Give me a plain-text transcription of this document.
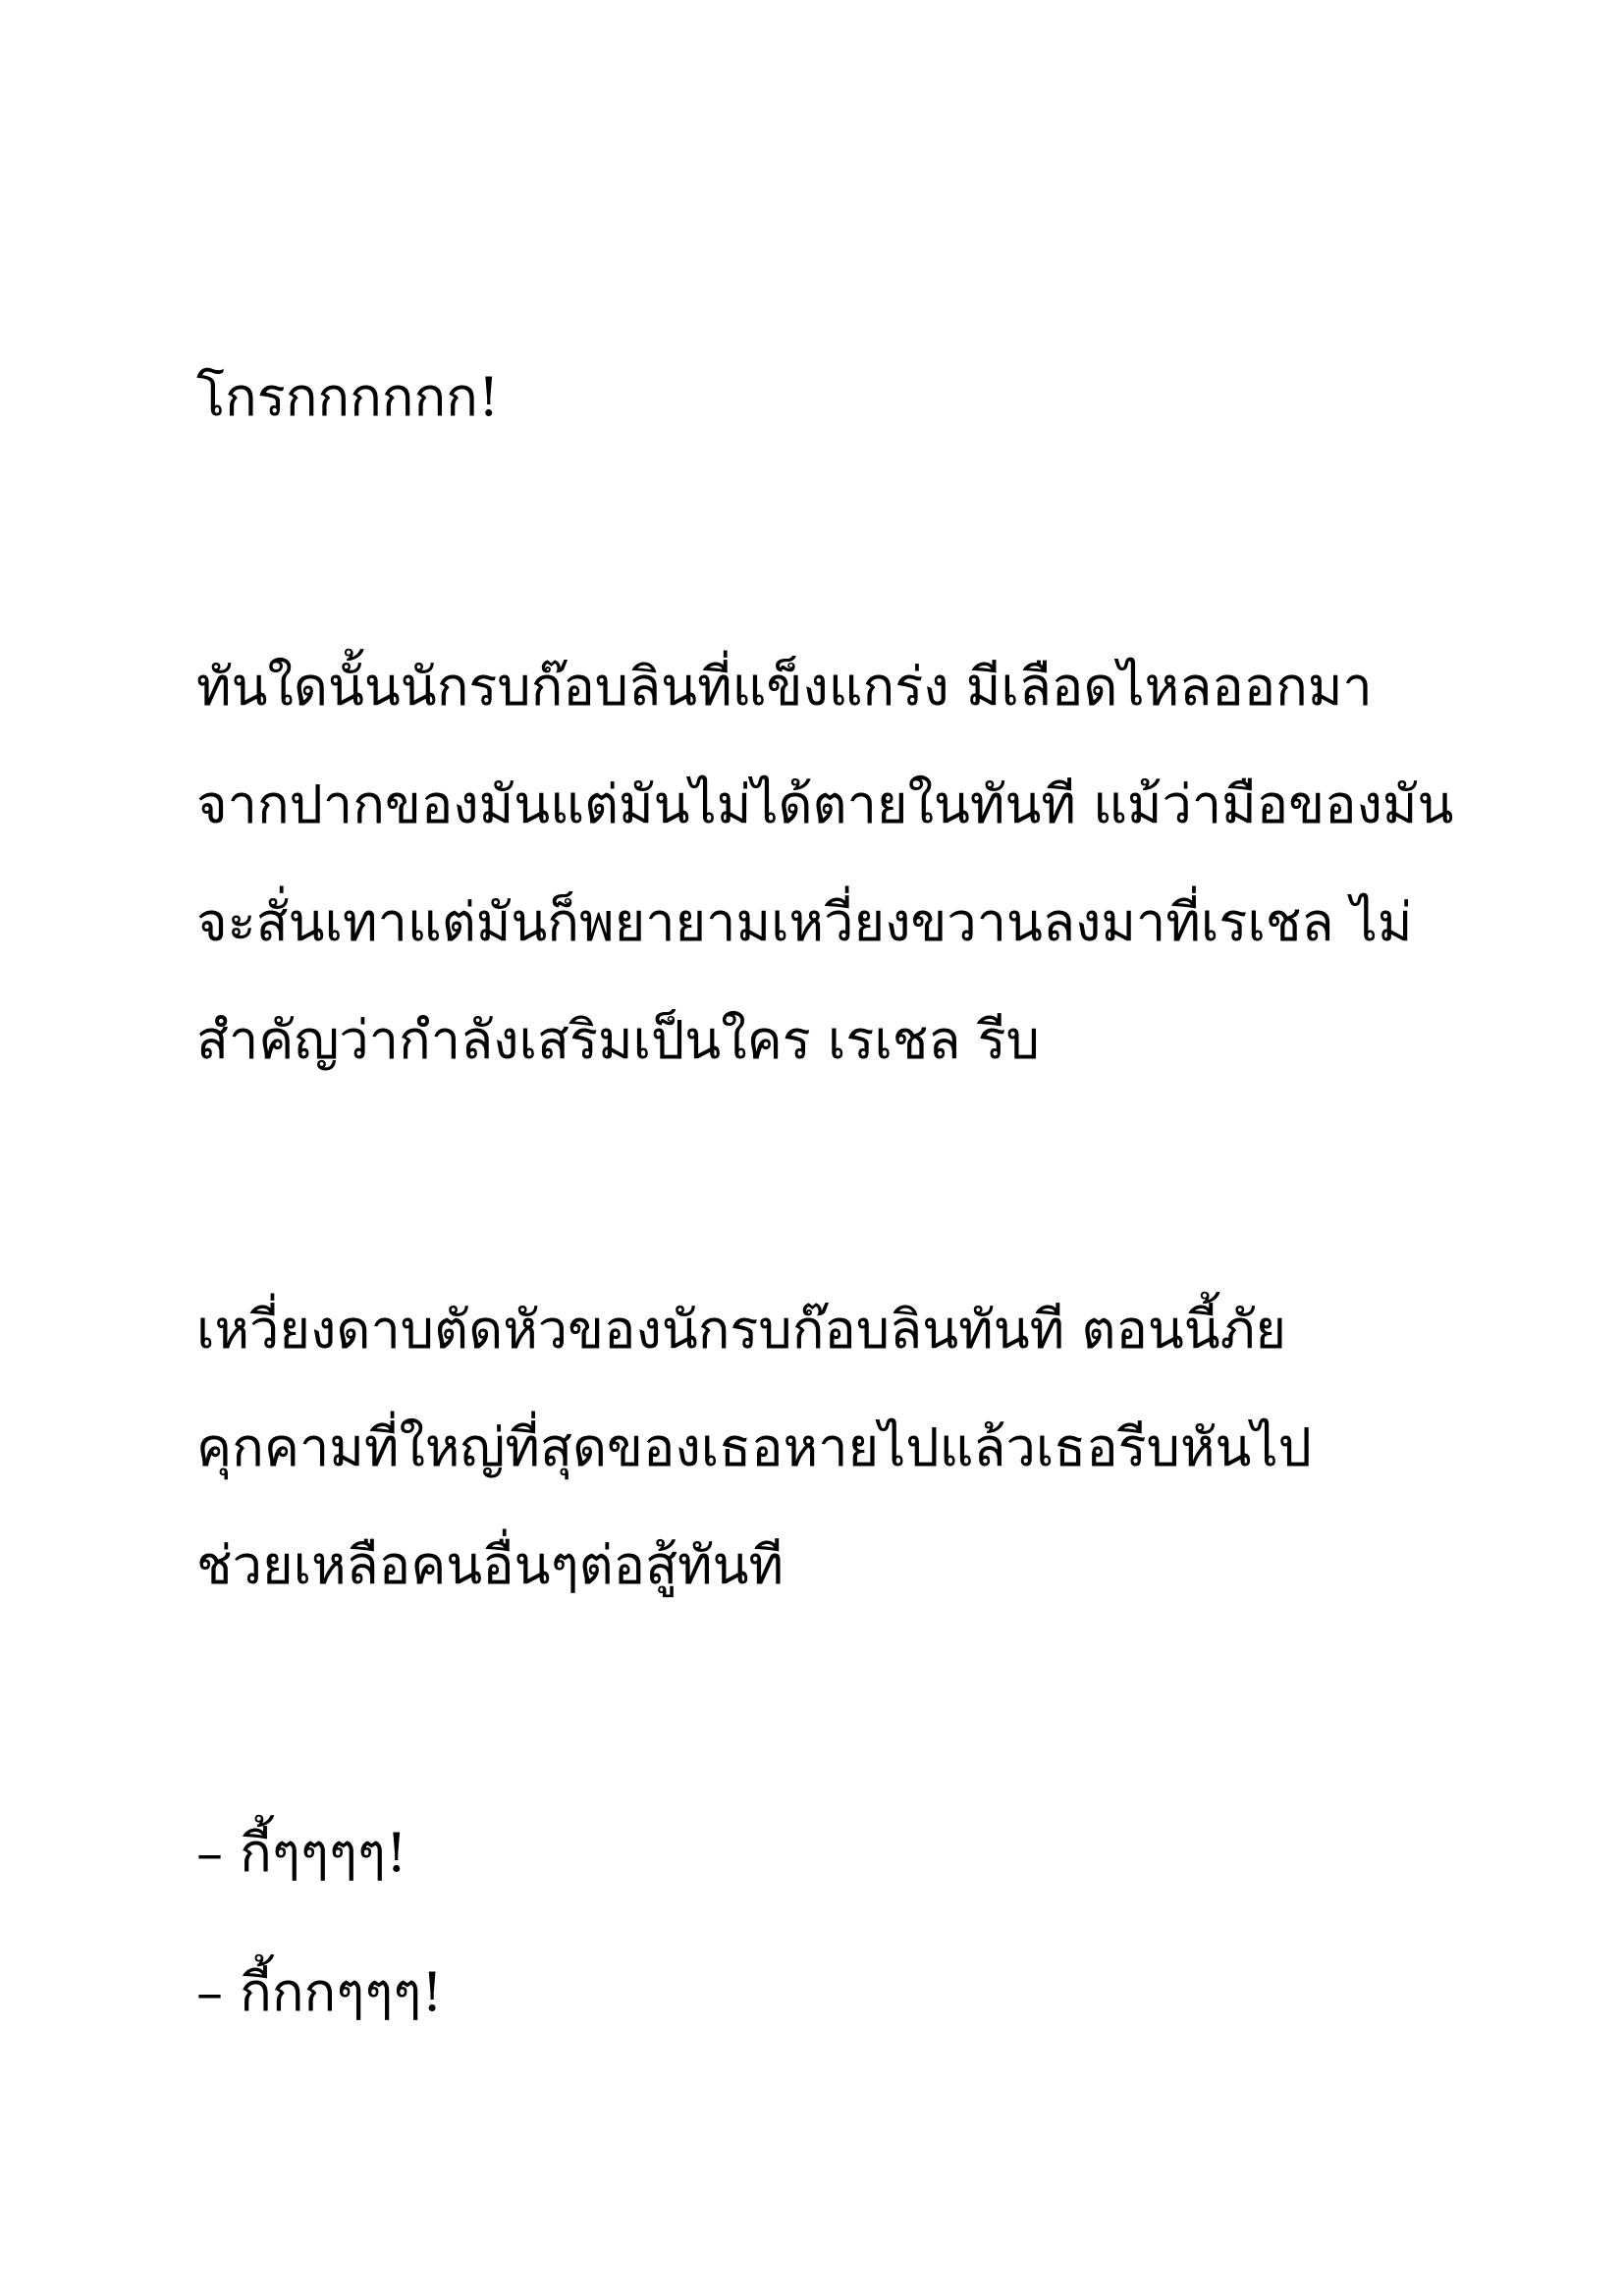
โกรกกกกกก!
ทันใดนั้นนักรบก๊อบลินที่แข็งแกร่ง มีเลือดไหลออกมา
จากปากของมันแต่มันไม่ได้ตายในทันที แม้ว่ามือของมัน
จะสั่นเทาแต่มันก็พยายามเหวี่ยงขวานลงมาที่เรเชล ไม่
สำคัญว่ากำลังเสริมเป็นใคร เรเชล รีบ
เหวี่ยงดาบตัดหัวของนักรบก๊อบลินทันที ตอนนี้ภัย
คุกคามที่ใหญ่ที่สุดของเธอหายไปแล้วเธอรีบหันไป
ช่วยเหลือคนอื่นๆต่อสู้ทันที
– กี้ๆๆๆๆ!
– กี้กกๆๆๆ!
